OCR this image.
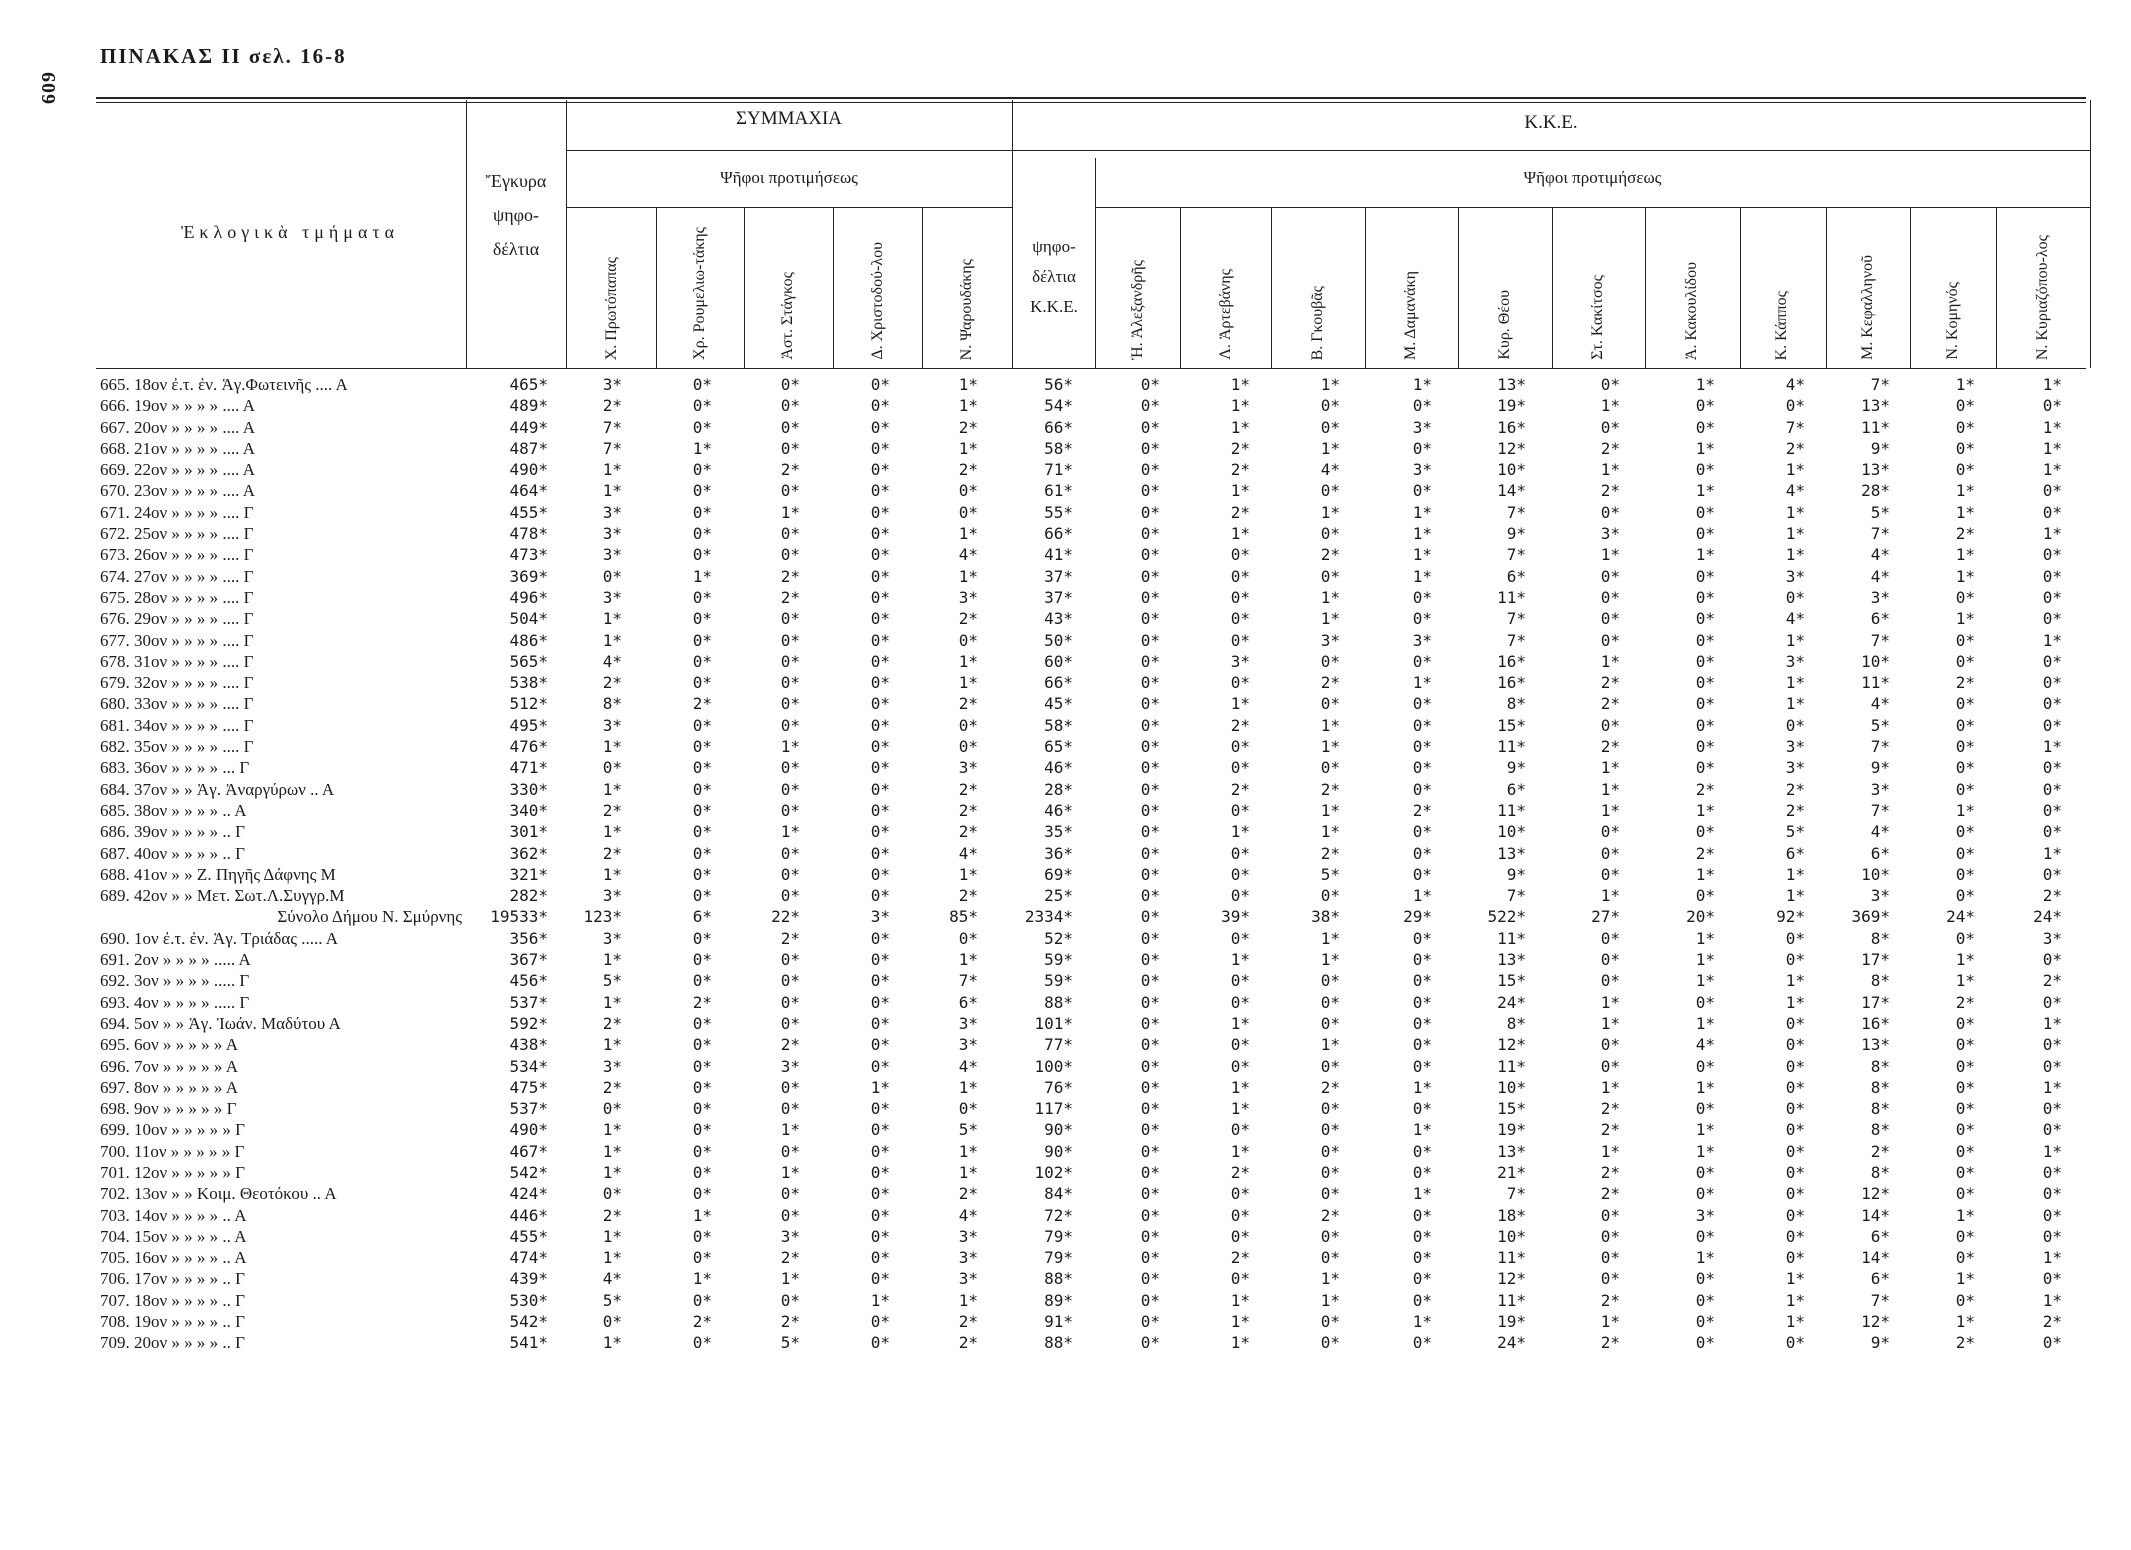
ΠΙΝΑΚΑΣ ΙΙ σελ. 16-8
609
Ἐκλογικὰ τμήματα
Ἔγκυρα ψηφο-δέλτια
ΣΥΜΜΑΧΙΑ	Κ.Κ.Ε.
Ψῆφοι προτιμήσεως	Ψῆφοι προτιμήσεως
ψηφο-δέλτια Κ.Κ.Ε.
Χ. Πρωτόπαπας	Χρ. Ρουμελιω-τάκης	Ἀστ. Στάγκος	Δ. Χριστοδού-λου	Ν. Ψαρουδάκης	Ἠ. Ἀλεξανδρῆς	Λ. Ἀρτεβάνης	Β. Γκουβᾶς	Μ. Δαμανάκη	Κυρ. Θέου	Στ. Κακίτσος	Ἀ. Κακουλίδου	Κ. Κάππος	Μ. Κεφαλληνοῦ	Ν. Κομηνός	Ν. Κυριαζόπου-λος
665. 18ον ἐ.τ. ἐν. Ἁγ.Φωτεινῆς .... Α	465*	3*	0*	0*	0*	1*	56*	0*	1*	1*	1*	13*	0*	1*	4*	7*	1*	1*
666. 19ον » » » » .... Α	489*	2*	0*	0*	0*	1*	54*	0*	1*	0*	0*	19*	1*	0*	0*	13*	0*	0*
667. 20ον » » » » .... Α	449*	7*	0*	0*	0*	2*	66*	0*	1*	0*	3*	16*	0*	0*	7*	11*	0*	1*
668. 21ον » » » » .... Α	487*	7*	1*	0*	0*	1*	58*	0*	2*	1*	0*	12*	2*	1*	2*	9*	0*	1*
669. 22ον » » » » .... Α	490*	1*	0*	2*	0*	2*	71*	0*	2*	4*	3*	10*	1*	0*	1*	13*	0*	1*
670. 23ον » » » » .... Α	464*	1*	0*	0*	0*	0*	61*	0*	1*	0*	0*	14*	2*	1*	4*	28*	1*	0*
671. 24ον » » » » .... Γ	455*	3*	0*	1*	0*	0*	55*	0*	2*	1*	1*	7*	0*	0*	1*	5*	1*	0*
672. 25ον » » » » .... Γ	478*	3*	0*	0*	0*	1*	66*	0*	1*	0*	1*	9*	3*	0*	1*	7*	2*	1*
673. 26ον » » » » .... Γ	473*	3*	0*	0*	0*	4*	41*	0*	0*	2*	1*	7*	1*	1*	1*	4*	1*	0*
674. 27ον » » » » .... Γ	369*	0*	1*	2*	0*	1*	37*	0*	0*	0*	1*	6*	0*	0*	3*	4*	1*	0*
675. 28ον » » » » .... Γ	496*	3*	0*	2*	0*	3*	37*	0*	0*	1*	0*	11*	0*	0*	0*	3*	0*	0*
676. 29ον » » » » .... Γ	504*	1*	0*	0*	0*	2*	43*	0*	0*	1*	0*	7*	0*	0*	4*	6*	1*	0*
677. 30ον » » » » .... Γ	486*	1*	0*	0*	0*	0*	50*	0*	0*	3*	3*	7*	0*	0*	1*	7*	0*	1*
678. 31ον » » » » .... Γ	565*	4*	0*	0*	0*	1*	60*	0*	3*	0*	0*	16*	1*	0*	3*	10*	0*	0*
679. 32ον » » » » .... Γ	538*	2*	0*	0*	0*	1*	66*	0*	0*	2*	1*	16*	2*	0*	1*	11*	2*	0*
680. 33ον » » » » .... Γ	512*	8*	2*	0*	0*	2*	45*	0*	1*	0*	0*	8*	2*	0*	1*	4*	0*	0*
681. 34ον » » » » .... Γ	495*	3*	0*	0*	0*	0*	58*	0*	2*	1*	0*	15*	0*	0*	0*	5*	0*	0*
682. 35ον » » » » .... Γ	476*	1*	0*	1*	0*	0*	65*	0*	0*	1*	0*	11*	2*	0*	3*	7*	0*	1*
683. 36ον » » » » ... Γ	471*	0*	0*	0*	0*	3*	46*	0*	0*	0*	0*	9*	1*	0*	3*	9*	0*	0*
684. 37ον » » Ἁγ. Ἀναργύρων .. Α	330*	1*	0*	0*	0*	2*	28*	0*	2*	2*	0*	6*	1*	2*	2*	3*	0*	0*
685. 38ον » » » » .. Α	340*	2*	0*	0*	0*	2*	46*	0*	0*	1*	2*	11*	1*	1*	2*	7*	1*	0*
686. 39ον » » » » .. Γ	301*	1*	0*	1*	0*	2*	35*	0*	1*	1*	0*	10*	0*	0*	5*	4*	0*	0*
687. 40ον » » » » .. Γ	362*	2*	0*	0*	0*	4*	36*	0*	0*	2*	0*	13*	0*	2*	6*	6*	0*	1*
688. 41ον » » Ζ. Πηγῆς Δάφνης Μ	321*	1*	0*	0*	0*	1*	69*	0*	0*	5*	0*	9*	0*	1*	1*	10*	0*	0*
689. 42ον » » Μετ. Σωτ.Λ.Συγγρ.Μ	282*	3*	0*	0*	0*	2*	25*	0*	0*	0*	1*	7*	1*	0*	1*	3*	0*	2*
Σύνολο Δήμου Ν. Σμύρνης	19533*	123*	6*	22*	3*	85*	2334*	0*	39*	38*	29*	522*	27*	20*	92*	369*	24*	24*
690. 1ον ἐ.τ. ἐν. Ἁγ. Τριάδας ..... Α	356*	3*	0*	2*	0*	0*	52*	0*	0*	1*	0*	11*	0*	1*	0*	8*	0*	3*
691. 2ον » » » » ..... Α	367*	1*	0*	0*	0*	1*	59*	0*	1*	1*	0*	13*	0*	1*	0*	17*	1*	0*
692. 3ον » » » » ..... Γ	456*	5*	0*	0*	0*	7*	59*	0*	0*	0*	0*	15*	0*	1*	1*	8*	1*	2*
693. 4ον » » » » ..... Γ	537*	1*	2*	0*	0*	6*	88*	0*	0*	0*	0*	24*	1*	0*	1*	17*	2*	0*
694. 5ον » » Ἁγ. Ἰωάν. Μαδύτου Α	592*	2*	0*	0*	0*	3*	101*	0*	1*	0*	0*	8*	1*	1*	0*	16*	0*	1*
695. 6ον » » » » » Α	438*	1*	0*	2*	0*	3*	77*	0*	0*	1*	0*	12*	0*	4*	0*	13*	0*	0*
696. 7ον » » » » » Α	534*	3*	0*	3*	0*	4*	100*	0*	0*	0*	0*	11*	0*	0*	0*	8*	0*	0*
697. 8ον » » » » » Α	475*	2*	0*	0*	1*	1*	76*	0*	1*	2*	1*	10*	1*	1*	0*	8*	0*	1*
698. 9ον » » » » » Γ	537*	0*	0*	0*	0*	0*	117*	0*	1*	0*	0*	15*	2*	0*	0*	8*	0*	0*
699. 10ον » » » » » Γ	490*	1*	0*	1*	0*	5*	90*	0*	0*	0*	1*	19*	2*	1*	0*	8*	0*	0*
700. 11ον » » » » » Γ	467*	1*	0*	0*	0*	1*	90*	0*	1*	0*	0*	13*	1*	1*	0*	2*	0*	1*
701. 12ον » » » » » Γ	542*	1*	0*	1*	0*	1*	102*	0*	2*	0*	0*	21*	2*	0*	0*	8*	0*	0*
702. 13ον » » Κοιμ. Θεοτόκου .. Α	424*	0*	0*	0*	0*	2*	84*	0*	0*	0*	1*	7*	2*	0*	0*	12*	0*	0*
703. 14ον » » » » .. Α	446*	2*	1*	0*	0*	4*	72*	0*	0*	2*	0*	18*	0*	3*	0*	14*	1*	0*
704. 15ον » » » » .. Α	455*	1*	0*	3*	0*	3*	79*	0*	0*	0*	0*	10*	0*	0*	0*	6*	0*	0*
705. 16ον » » » » .. Α	474*	1*	0*	2*	0*	3*	79*	0*	2*	0*	0*	11*	0*	1*	0*	14*	0*	1*
706. 17ον » » » » .. Γ	439*	4*	1*	1*	0*	3*	88*	0*	0*	1*	0*	12*	0*	0*	1*	6*	1*	0*
707. 18ον » » » » .. Γ	530*	5*	0*	0*	1*	1*	89*	0*	1*	1*	0*	11*	2*	0*	1*	7*	0*	1*
708. 19ον » » » » .. Γ	542*	0*	2*	2*	0*	2*	91*	0*	1*	0*	1*	19*	1*	0*	1*	12*	1*	2*
709. 20ον » » » » .. Γ	541*	1*	0*	5*	0*	2*	88*	0*	1*	0*	0*	24*	2*	0*	0*	9*	2*	0*
